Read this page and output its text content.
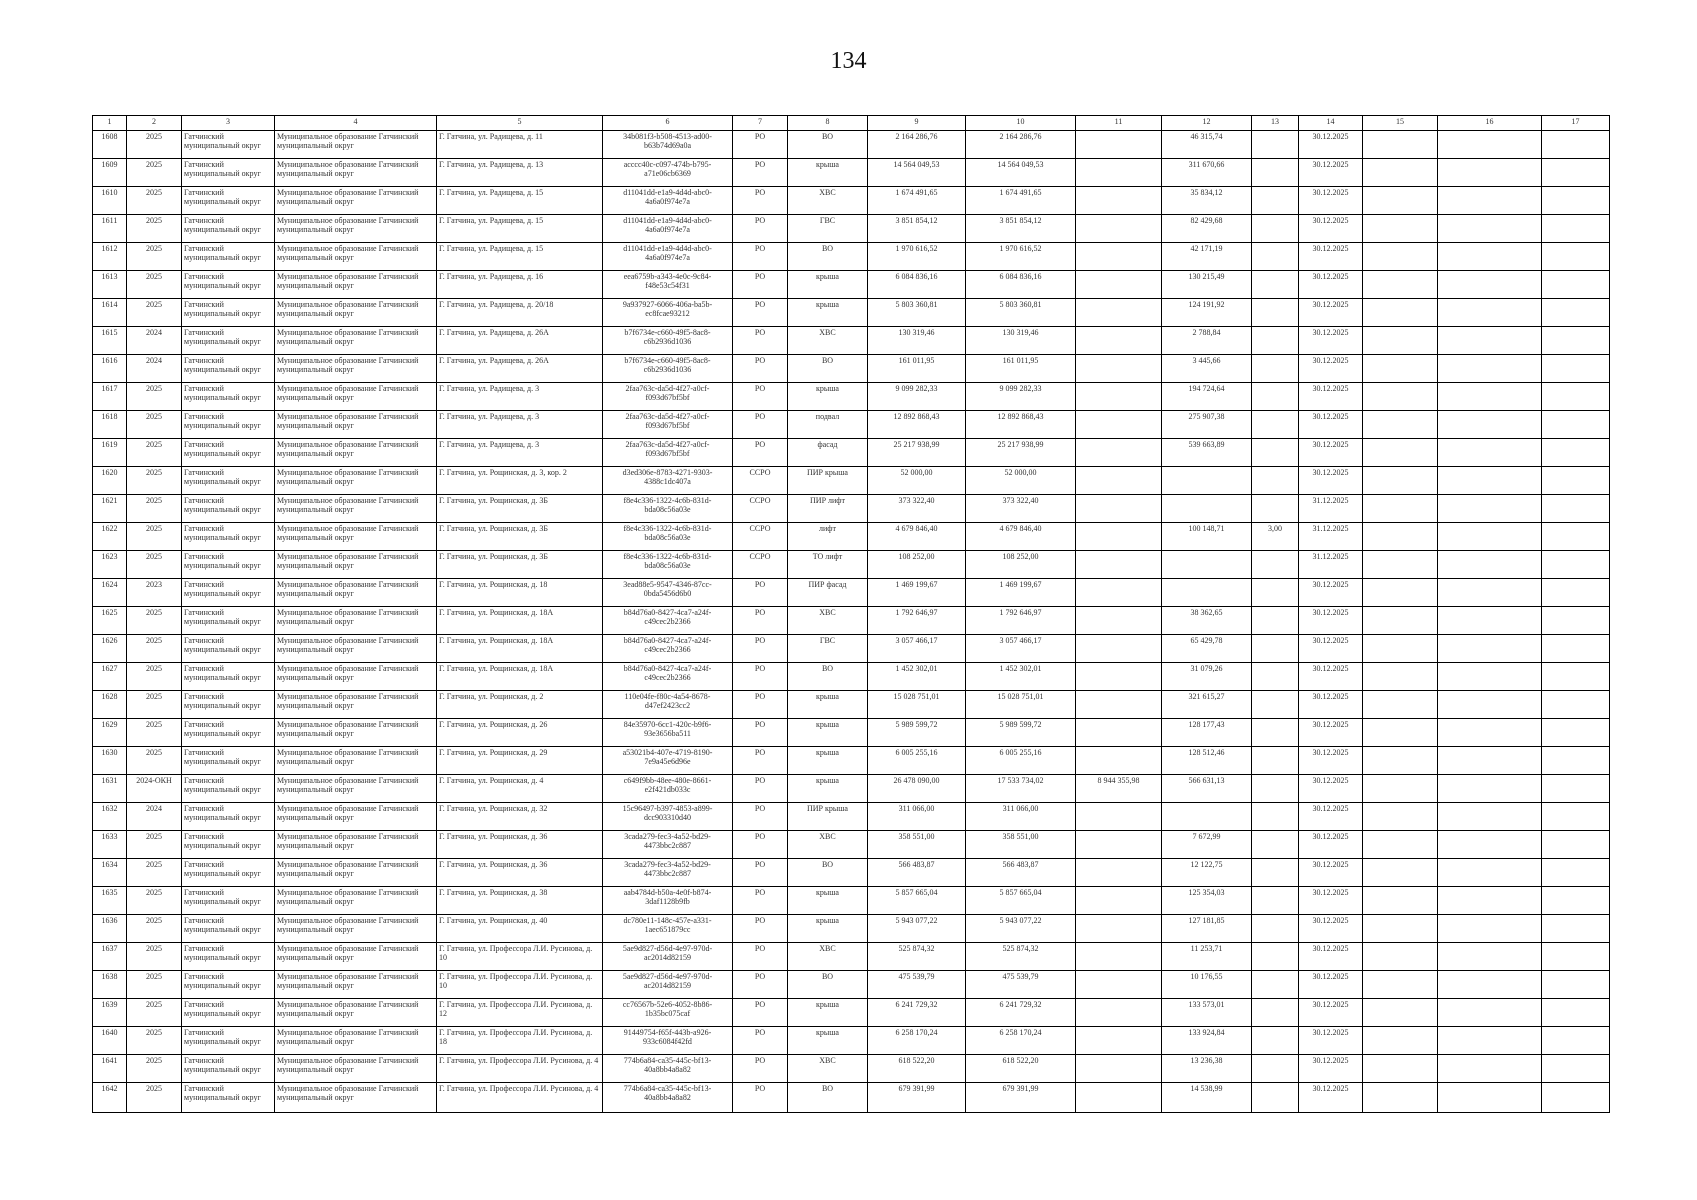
134
1	2	3	4	5	6	7	8	9	10	11	12	13	14	15	16	17
1608	2025	Гатчинский муниципальный округ	Муниципальное образование Гатчинский муниципальный округ	Г. Гатчина, ул. Радищева, д. 11	34b081f3-b508-4513-ad00-b63b74d69a0a	РО	ВО	2 164 286,76	2 164 286,76		46 315,74		30.12.2025			
1609	2025	Гатчинский муниципальный округ	Муниципальное образование Гатчинский муниципальный округ	Г. Гатчина, ул. Радищева, д. 13	acccc40c-c097-474b-b795-a71e06cb6369	РО	крыша	14 564 049,53	14 564 049,53		311 670,66		30.12.2025			
1610	2025	Гатчинский муниципальный округ	Муниципальное образование Гатчинский муниципальный округ	Г. Гатчина, ул. Радищева, д. 15	d11041dd-e1a9-4d4d-abc0-4a6a0f974e7a	РО	ХВС	1 674 491,65	1 674 491,65		35 834,12		30.12.2025			
1611	2025	Гатчинский муниципальный округ	Муниципальное образование Гатчинский муниципальный округ	Г. Гатчина, ул. Радищева, д. 15	d11041dd-e1a9-4d4d-abc0-4a6a0f974e7a	РО	ГВС	3 851 854,12	3 851 854,12		82 429,68		30.12.2025			
1612	2025	Гатчинский муниципальный округ	Муниципальное образование Гатчинский муниципальный округ	Г. Гатчина, ул. Радищева, д. 15	d11041dd-e1a9-4d4d-abc0-4a6a0f974e7a	РО	ВО	1 970 616,52	1 970 616,52		42 171,19		30.12.2025			
1613	2025	Гатчинский муниципальный округ	Муниципальное образование Гатчинский муниципальный округ	Г. Гатчина, ул. Радищева, д. 16	eea6759b-a343-4e0c-9c84-f48e53c54f31	РО	крыша	6 084 836,16	6 084 836,16		130 215,49		30.12.2025			
1614	2025	Гатчинский муниципальный округ	Муниципальное образование Гатчинский муниципальный округ	Г. Гатчина, ул. Радищева, д. 20/18	9a937927-6066-406a-ba5b-ec8fcae93212	РО	крыша	5 803 360,81	5 803 360,81		124 191,92		30.12.2025			
1615	2024	Гатчинский муниципальный округ	Муниципальное образование Гатчинский муниципальный округ	Г. Гатчина, ул. Радищева, д. 26А	b7f6734e-c660-49f5-8ac8-c6b2936d1036	РО	ХВС	130 319,46	130 319,46		2 788,84		30.12.2025			
1616	2024	Гатчинский муниципальный округ	Муниципальное образование Гатчинский муниципальный округ	Г. Гатчина, ул. Радищева, д. 26А	b7f6734e-c660-49f5-8ac8-c6b2936d1036	РО	ВО	161 011,95	161 011,95		3 445,66		30.12.2025			
1617	2025	Гатчинский муниципальный округ	Муниципальное образование Гатчинский муниципальный округ	Г. Гатчина, ул. Радищева, д. 3	2faa763c-da5d-4f27-a0cf-f093d67bf5bf	РО	крыша	9 099 282,33	9 099 282,33		194 724,64		30.12.2025			
1618	2025	Гатчинский муниципальный округ	Муниципальное образование Гатчинский муниципальный округ	Г. Гатчина, ул. Радищева, д. 3	2faa763c-da5d-4f27-a0cf-f093d67bf5bf	РО	подвал	12 892 868,43	12 892 868,43		275 907,38		30.12.2025			
1619	2025	Гатчинский муниципальный округ	Муниципальное образование Гатчинский муниципальный округ	Г. Гатчина, ул. Радищева, д. 3	2faa763c-da5d-4f27-a0cf-f093d67bf5bf	РО	фасад	25 217 938,99	25 217 938,99		539 663,89		30.12.2025			
1620	2025	Гатчинский муниципальный округ	Муниципальное образование Гатчинский муниципальный округ	Г. Гатчина, ул. Рощинская, д. 3, кор. 2	d3ed306e-8783-4271-9303-4388c1dc407a	ССРО	ПИР крыша	52 000,00	52 000,00				30.12.2025			
1621	2025	Гатчинский муниципальный округ	Муниципальное образование Гатчинский муниципальный округ	Г. Гатчина, ул. Рощинская, д. 3Б	f8e4c336-1322-4c6b-831d-bda08c56a03e	ССРО	ПИР лифт	373 322,40	373 322,40				31.12.2025			
1622	2025	Гатчинский муниципальный округ	Муниципальное образование Гатчинский муниципальный округ	Г. Гатчина, ул. Рощинская, д. 3Б	f8e4c336-1322-4c6b-831d-bda08c56a03e	ССРО	лифт	4 679 846,40	4 679 846,40		100 148,71	3,00	31.12.2025			
1623	2025	Гатчинский муниципальный округ	Муниципальное образование Гатчинский муниципальный округ	Г. Гатчина, ул. Рощинская, д. 3Б	f8e4c336-1322-4c6b-831d-bda08c56a03e	ССРО	ТО лифт	108 252,00	108 252,00				31.12.2025			
1624	2023	Гатчинский муниципальный округ	Муниципальное образование Гатчинский муниципальный округ	Г. Гатчина, ул. Рощинская, д. 18	3ead88e5-9547-4346-87cc-0bda5456d6b0	РО	ПИР фасад	1 469 199,67	1 469 199,67				30.12.2025			
1625	2025	Гатчинский муниципальный округ	Муниципальное образование Гатчинский муниципальный округ	Г. Гатчина, ул. Рощинская, д. 18А	b84d76a0-8427-4ca7-a24f-c49cec2b2366	РО	ХВС	1 792 646,97	1 792 646,97		38 362,65		30.12.2025			
1626	2025	Гатчинский муниципальный округ	Муниципальное образование Гатчинский муниципальный округ	Г. Гатчина, ул. Рощинская, д. 18А	b84d76a0-8427-4ca7-a24f-c49cec2b2366	РО	ГВС	3 057 466,17	3 057 466,17		65 429,78		30.12.2025			
1627	2025	Гатчинский муниципальный округ	Муниципальное образование Гатчинский муниципальный округ	Г. Гатчина, ул. Рощинская, д. 18А	b84d76a0-8427-4ca7-a24f-c49cec2b2366	РО	ВО	1 452 302,01	1 452 302,01		31 079,26		30.12.2025			
1628	2025	Гатчинский муниципальный округ	Муниципальное образование Гатчинский муниципальный округ	Г. Гатчина, ул. Рощинская, д. 2	110e04fe-f80c-4a54-8678-d47ef2423cc2	РО	крыша	15 028 751,01	15 028 751,01		321 615,27		30.12.2025			
1629	2025	Гатчинский муниципальный округ	Муниципальное образование Гатчинский муниципальный округ	Г. Гатчина, ул. Рощинская, д. 26	84e35970-6cc1-420c-b9f6-93e3656ba511	РО	крыша	5 989 599,72	5 989 599,72		128 177,43		30.12.2025			
1630	2025	Гатчинский муниципальный округ	Муниципальное образование Гатчинский муниципальный округ	Г. Гатчина, ул. Рощинская, д. 29	a53021b4-407e-4719-8190-7e9a45e6d96e	РО	крыша	6 005 255,16	6 005 255,16		128 512,46		30.12.2025			
1631	2024-ОКН	Гатчинский муниципальный округ	Муниципальное образование Гатчинский муниципальный округ	Г. Гатчина, ул. Рощинская, д. 4	c649f9bb-48ee-480e-8661-e2f421db033c	РО	крыша	26 478 090,00	17 533 734,02	8 944 355,98	566 631,13		30.12.2025			
1632	2024	Гатчинский муниципальный округ	Муниципальное образование Гатчинский муниципальный округ	Г. Гатчина, ул. Рощинская, д. 32	15c96497-b397-4853-a899-dcc903310d40	РО	ПИР крыша	311 066,00	311 066,00				30.12.2025			
1633	2025	Гатчинский муниципальный округ	Муниципальное образование Гатчинский муниципальный округ	Г. Гатчина, ул. Рощинская, д. 36	3cada279-fec3-4a52-bd29-4473bbc2c887	РО	ХВС	358 551,00	358 551,00		7 672,99		30.12.2025			
1634	2025	Гатчинский муниципальный округ	Муниципальное образование Гатчинский муниципальный округ	Г. Гатчина, ул. Рощинская, д. 36	3cada279-fec3-4a52-bd29-4473bbc2c887	РО	ВО	566 483,87	566 483,87		12 122,75		30.12.2025			
1635	2025	Гатчинский муниципальный округ	Муниципальное образование Гатчинский муниципальный округ	Г. Гатчина, ул. Рощинская, д. 38	aab4784d-b50a-4e0f-b874-3daf1128b9fb	РО	крыша	5 857 665,04	5 857 665,04		125 354,03		30.12.2025			
1636	2025	Гатчинский муниципальный округ	Муниципальное образование Гатчинский муниципальный округ	Г. Гатчина, ул. Рощинская, д. 40	dc780e11-148c-457e-a331-1aec651879cc	РО	крыша	5 943 077,22	5 943 077,22		127 181,85		30.12.2025			
1637	2025	Гатчинский муниципальный округ	Муниципальное образование Гатчинский муниципальный округ	Г. Гатчина, ул. Профессора Л.И. Русинова, д. 10	5ae9d827-d56d-4e97-970d-ac2014d82159	РО	ХВС	525 874,32	525 874,32		11 253,71		30.12.2025			
1638	2025	Гатчинский муниципальный округ	Муниципальное образование Гатчинский муниципальный округ	Г. Гатчина, ул. Профессора Л.И. Русинова, д. 10	5ae9d827-d56d-4e97-970d-ac2014d82159	РО	ВО	475 539,79	475 539,79		10 176,55		30.12.2025			
1639	2025	Гатчинский муниципальный округ	Муниципальное образование Гатчинский муниципальный округ	Г. Гатчина, ул. Профессора Л.И. Русинова, д. 12	cc76567b-52e6-4052-8b86-1b35bc075caf	РО	крыша	6 241 729,32	6 241 729,32		133 573,01		30.12.2025			
1640	2025	Гатчинский муниципальный округ	Муниципальное образование Гатчинский муниципальный округ	Г. Гатчина, ул. Профессора Л.И. Русинова, д. 18	91449754-f65f-443b-a926-933c6084f42fd	РО	крыша	6 258 170,24	6 258 170,24		133 924,84		30.12.2025			
1641	2025	Гатчинский муниципальный округ	Муниципальное образование Гатчинский муниципальный округ	Г. Гатчина, ул. Профессора Л.И. Русинова, д. 4	774b6a84-ca35-445c-bf13-40a8bb4a8a82	РО	ХВС	618 522,20	618 522,20		13 236,38		30.12.2025			
1642	2025	Гатчинский муниципальный округ	Муниципальное образование Гатчинский муниципальный округ	Г. Гатчина, ул. Профессора Л.И. Русинова, д. 4	774b6a84-ca35-445c-bf13-40a8bb4a8a82	РО	ВО	679 391,99	679 391,99		14 538,99		30.12.2025			
